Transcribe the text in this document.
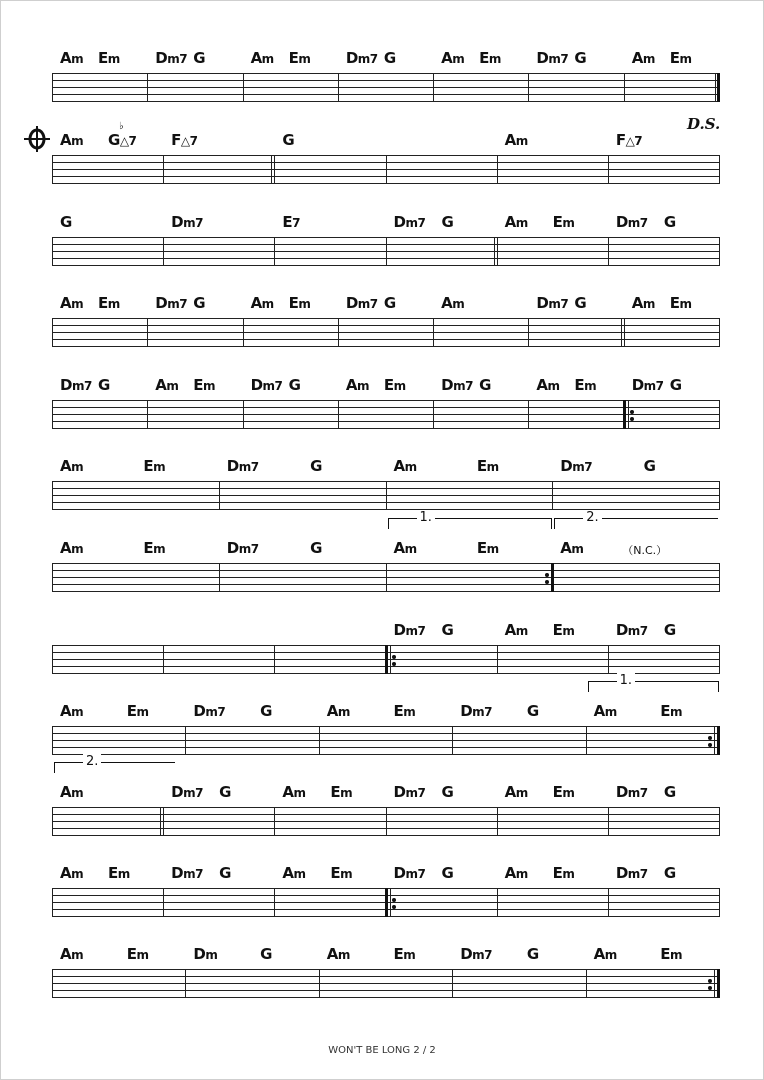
D.S.
Am Em Dm7 G	Am Em Dm7 G	Am Em Dm7 G	Am Em
Am G
♭
△7 F△7	G	Am	F△7
G	Dm7	E7	Dm7 G	Am Em	Dm7 G
Am Em Dm7 G	Am Em Dm7 G	Am	Dm7 G	Am Em
Dm7 G	Am Em Dm7 G	Am Em Dm7 G	Am Em Dm7 G
Am	Em	Dm7	G	Am	Em	Dm7	G
Am	Em	Dm7	G	Am	Em	Am
1.	2.
（N.C.）
Dm7 G	Am Em	Dm7 G
Am	Em	Dm7 G	Am	Em	Dm7 G	Am	Em
1.
Am	Dm7 G	Am Em	Dm7 G	Am Em	Dm7 G
2.
Am Em	Dm7 G	Am Em	Dm7 G	Am Em	Dm7 G
Am	Em	Dm	G	Am	Em	Dm7 G	Am	Em
WON'T BE LONG 2 / 2
